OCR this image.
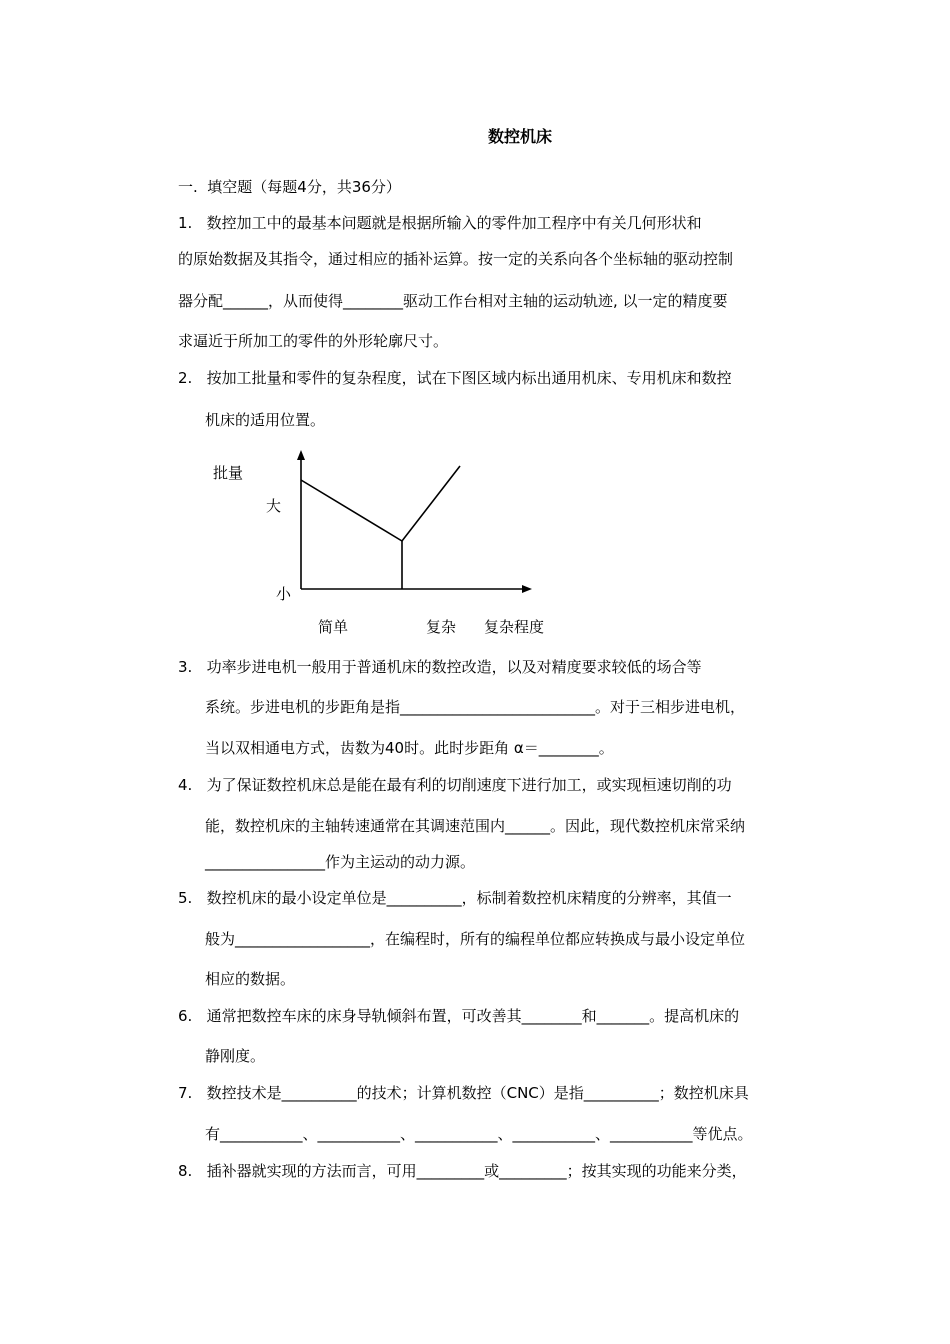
数控机床
一.  填空题（每题4分，共36分）
1.   数控加工中的最基本问题就是根据所输入的零件加工程序中有关几何形状和
的原始数据及其指令，通过相应的插补运算。按一定的关系向各个坐标轴的驱动控制
器分配______，从而使得________驱动工作台相对主轴的运动轨迹, 以一定的精度要
求逼近于所加工的零件的外形轮廓尺寸。
2.   按加工批量和零件的复杂程度，试在下图区域内标出通用机床、专用机床和数控
机床的适用位置。
批量
大
小
简单	复杂 复杂程度
3.   功率步进电机一般用于普通机床的数控改造，以及对精度要求较低的场合等
系统。步进电机的步距角是指__________________________。对于三相步进电机，
当以双相通电方式，齿数为40时。此时步距角 α＝________。
4.   为了保证数控机床总是能在最有利的切削速度下进行加工，或实现桓速切削的功
能，数控机床的主轴转速通常在其调速范围内______。因此，现代数控机床常采纳
________________作为主运动的动力源。
5.   数控机床的最小设定单位是__________，标制着数控机床精度的分辨率，其值一
般为__________________，在编程时，所有的编程单位都应转换成与最小设定单位
相应的数据。
6.   通常把数控车床的床身导轨倾斜布置，可改善其________和_______。提高机床的
静刚度。
7.   数控技术是__________的技术；计算机数控（CNC）是指__________；数控机床具
有___________、___________、___________、___________、___________等优点。
8.   插补器就实现的方法而言，可用_________或_________；按其实现的功能来分类，
